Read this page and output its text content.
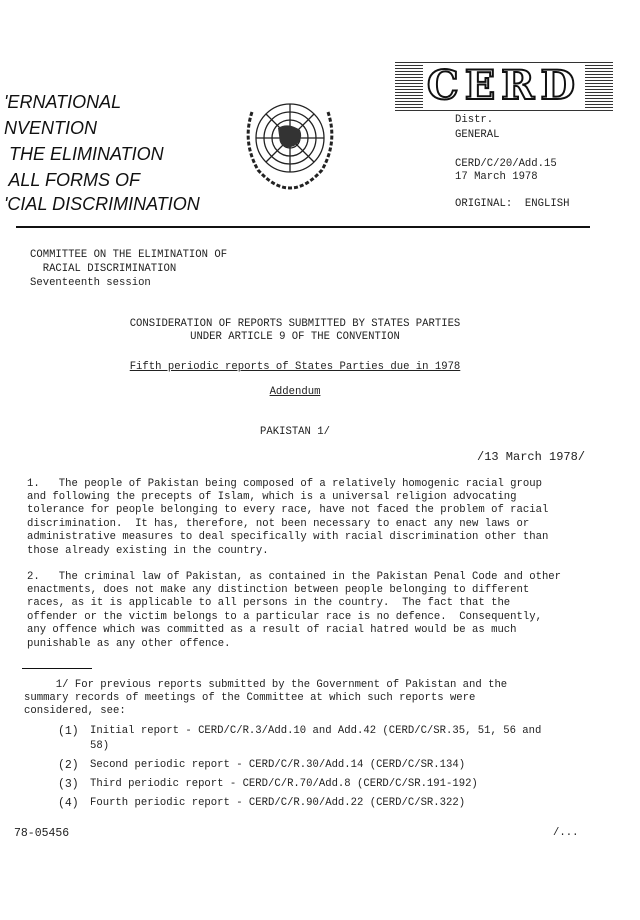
CERD
'ERNATIONAL
NVENTION
THE ELIMINATION
ALL FORMS OF
'CIAL DISCRIMINATION
Distr.
GENERAL
CERD/C/20/Add.15
17 March 1978
ORIGINAL:  ENGLISH
COMMITTEE ON THE ELIMINATION OF
RACIAL DISCRIMINATION
Seventeenth session
CONSIDERATION OF REPORTS SUBMITTED BY STATES PARTIES
UNDER ARTICLE 9 OF THE CONVENTION
Fifth periodic reports of States Parties due in 1978
Addendum
PAKISTAN 1/
/13 March 1978/
1.   The people of Pakistan being composed of a relatively homogenic racial group
and following the precepts of Islam, which is a universal religion advocating
tolerance for people belonging to every race, have not faced the problem of racial
discrimination.  It has, therefore, not been necessary to enact any new laws or
administrative measures to deal specifically with racial discrimination other than
those already existing in the country.
2.   The criminal law of Pakistan, as contained in the Pakistan Penal Code and other
enactments, does not make any distinction between people belonging to different
races, as it is applicable to all persons in the country.  The fact that the
offender or the victim belongs to a particular race is no defence.  Consequently,
any offence which was committed as a result of racial hatred would be as much
punishable as any other offence.
1/ For previous reports submitted by the Government of Pakistan and the
summary records of meetings of the Committee at which such reports were
considered, see:
(1) Initial report - CERD/C/R.3/Add.10 and Add.42 (CERD/C/SR.35, 51, 56 and
58)
(2) Second periodic report - CERD/C/R.30/Add.14 (CERD/C/SR.134)
(3) Third periodic report - CERD/C/R.70/Add.8 (CERD/C/SR.191-192)
(4) Fourth periodic report - CERD/C/R.90/Add.22 (CERD/C/SR.322)
78-05456	/...
